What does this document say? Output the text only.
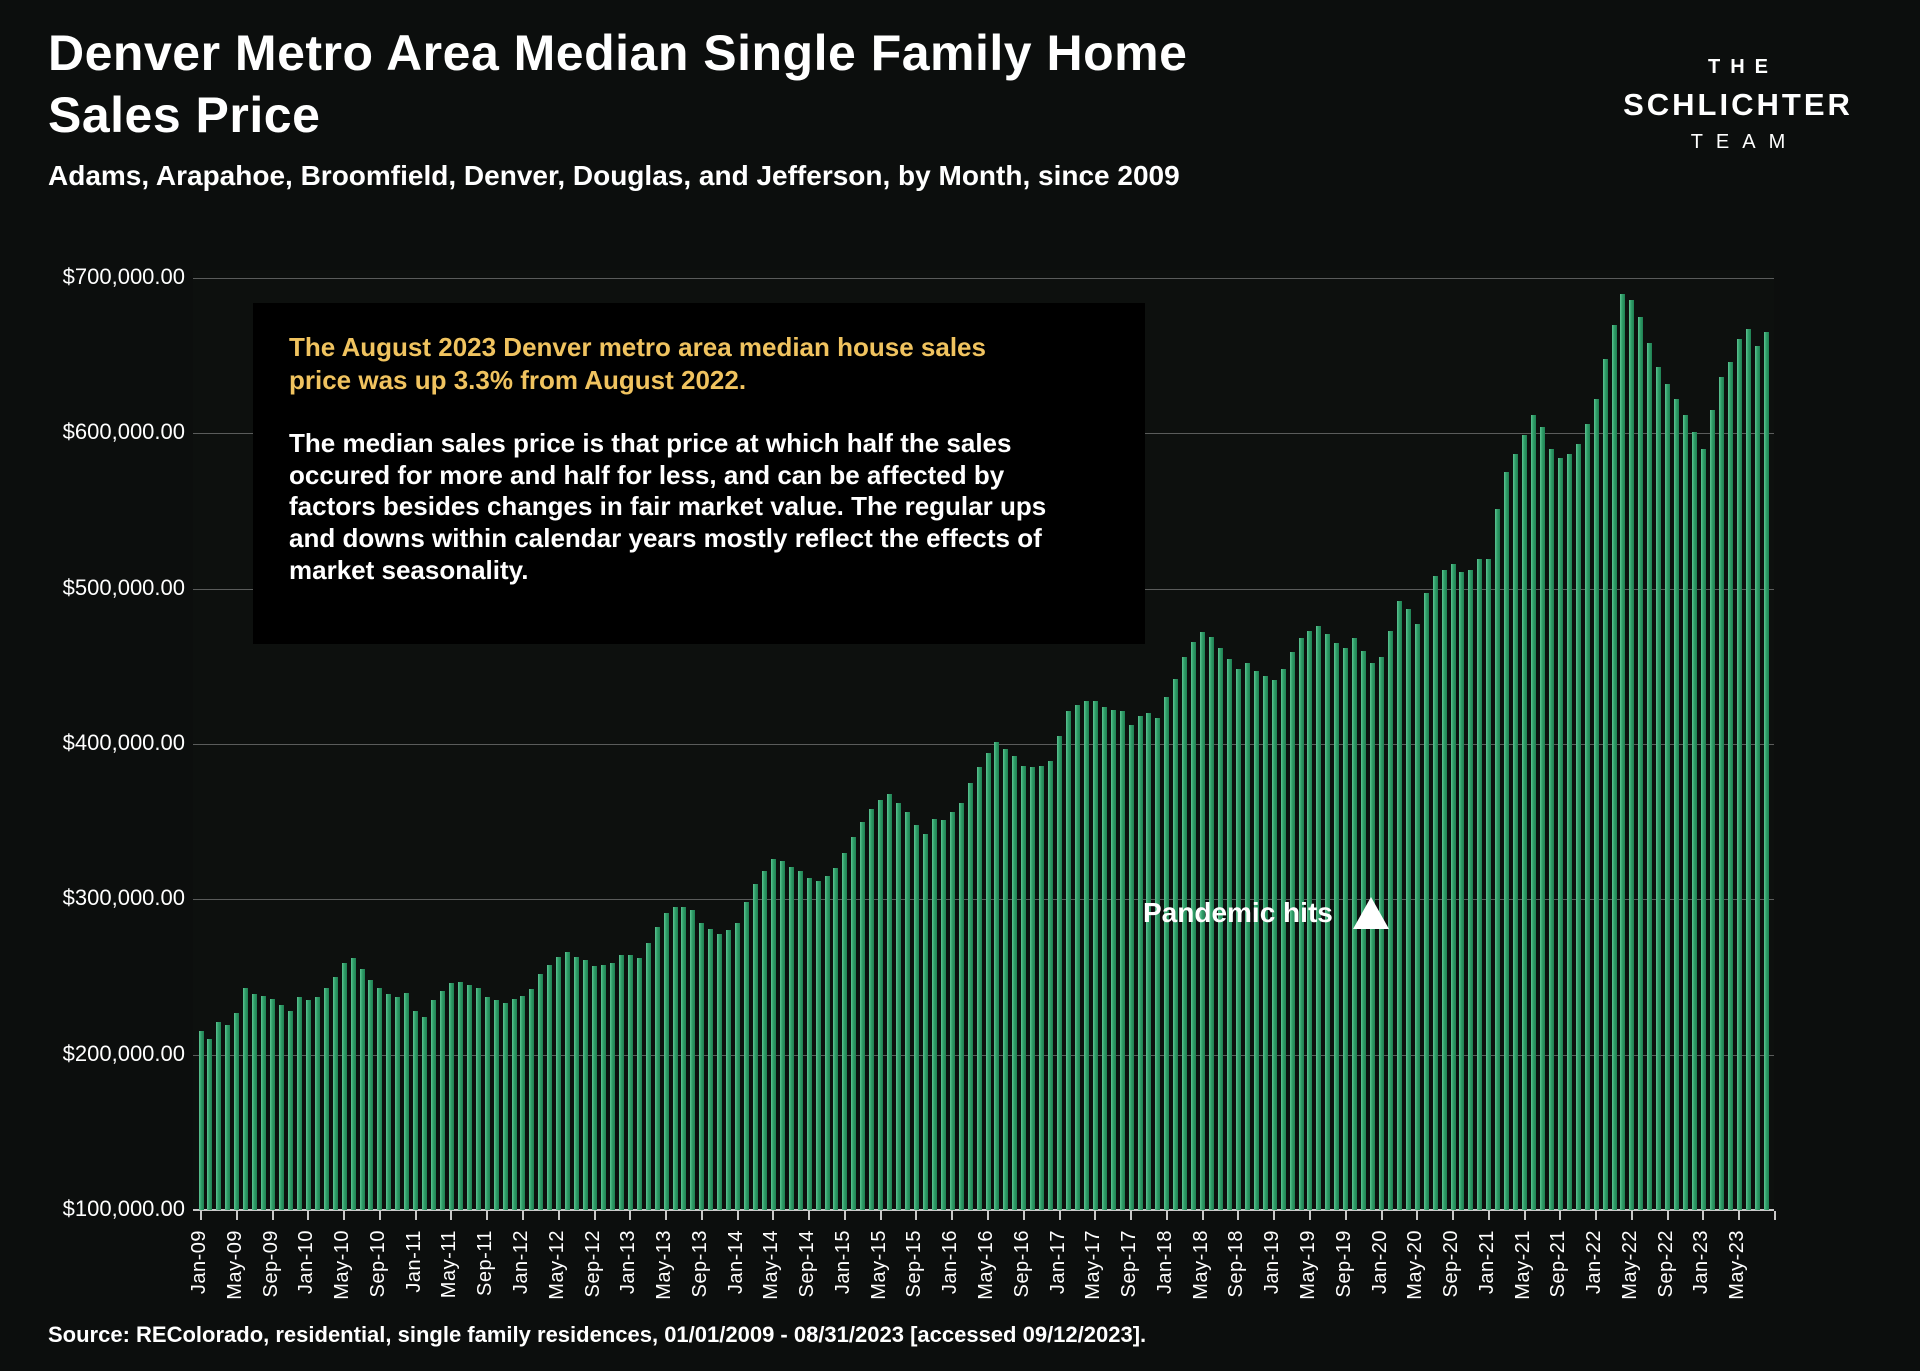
Denver Metro Area Median Single Family Home
Sales Price
THE
SCHLICHTER
TEAM
Adams, Arapahoe, Broomfield, Denver, Douglas, and Jefferson, by Month, since 2009
$700,000.00
$600,000.00
$500,000.00
$400,000.00
$300,000.00
$200,000.00
$100,000.00
Jan-09 May-09 Sep-09 Jan-10 May-10 Sep-10 Jan-11 May-11 Sep-11 Jan-12 May-12 Sep-12 Jan-13 May-13 Sep-13 Jan-14 May-14 Sep-14 Jan-15 May-15 Sep-15 Jan-16 May-16 Sep-16 Jan-17 May-17 Sep-17 Jan-18 May-18 Sep-18 Jan-19 May-19 Sep-19 Jan-20 May-20 Sep-20 Jan-21 May-21 Sep-21 Jan-22 May-22 Sep-22 Jan-23 May-23
The August 2023 Denver metro area median house sales price was up 3.3% from August 2022.
The median sales price is that price at which half the sales occured for more and half for less, and can be affected by factors besides changes in fair market value. The regular ups and downs within calendar years mostly reflect the effects of market seasonality.
Pandemic hits
Source: REColorado, residential, single family residences, 01/01/2009 - 08/31/2023 [accessed 09/12/2023].
